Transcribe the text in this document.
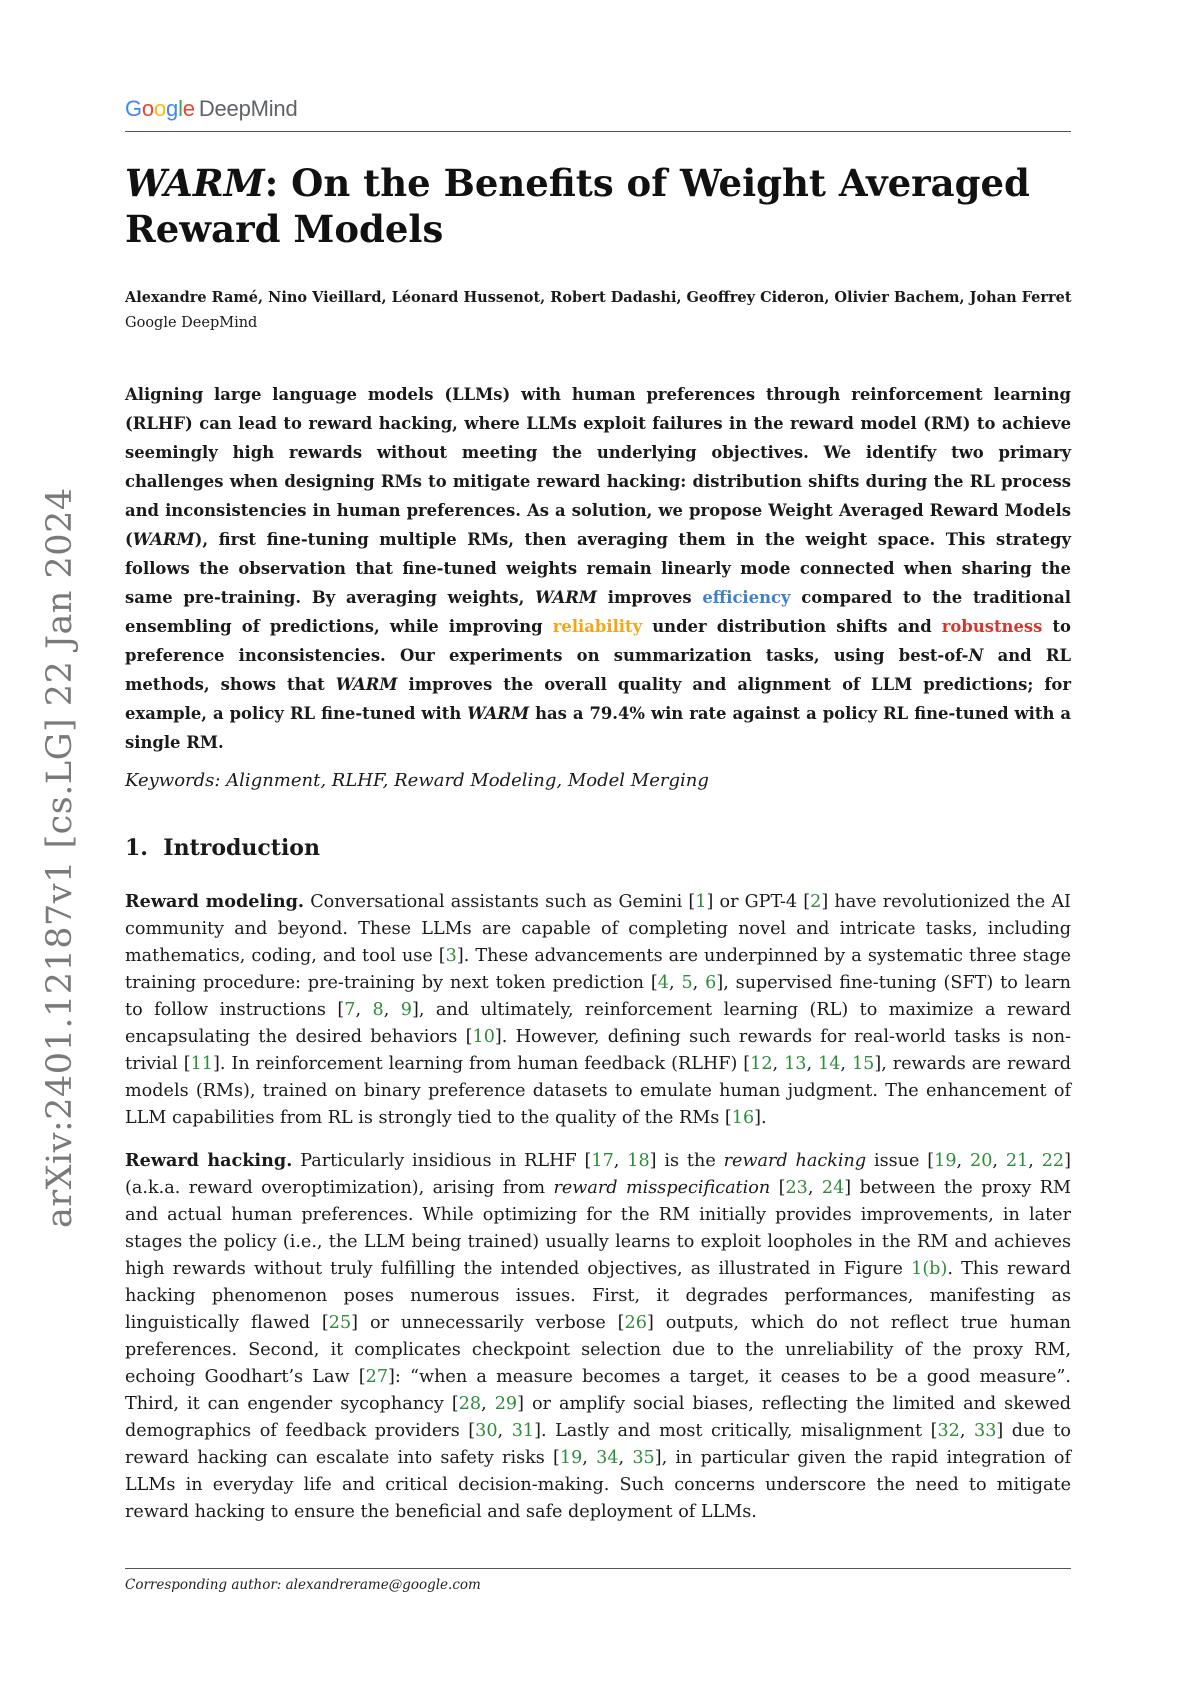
Google DeepMind
arXiv:2401.12187v1 [cs.LG] 22 Jan 2024
WARM: On the Benefits of Weight Averaged
Reward Models
Alexandre Ramé, Nino Vieillard, Léonard Hussenot, Robert Dadashi, Geoffrey Cideron, Olivier Bachem, Johan Ferret
Google DeepMind
Aligning large language models (LLMs) with human preferences through reinforcement learning (RLHF) can lead to reward hacking, where LLMs exploit failures in the reward model (RM) to achieve seemingly high rewards without meeting the underlying objectives. We identify two primary challenges when designing RMs to mitigate reward hacking: distribution shifts during the RL process and inconsistencies in human preferences. As a solution, we propose Weight Averaged Reward Models (WARM), first fine-tuning multiple RMs, then averaging them in the weight space. This strategy follows the observation that fine-tuned weights remain linearly mode connected when sharing the same pre-training. By averaging weights, WARM improves efficiency compared to the traditional ensembling of predictions, while improving reliability under distribution shifts and robustness to preference inconsistencies. Our experiments on summarization tasks, using best-of-N and RL methods, shows that WARM improves the overall quality and alignment of LLM predictions; for example, a policy RL fine-tuned with WARM has a 79.4% win rate against a policy RL fine-tuned with a single RM.
Keywords: Alignment, RLHF, Reward Modeling, Model Merging
1. Introduction
Reward modeling. Conversational assistants such as Gemini [1] or GPT-4 [2] have revolutionized the AI community and beyond. These LLMs are capable of completing novel and intricate tasks, including mathematics, coding, and tool use [3]. These advancements are underpinned by a systematic three stage training procedure: pre-training by next token prediction [4, 5, 6], supervised fine-tuning (SFT) to learn to follow instructions [7, 8, 9], and ultimately, reinforcement learning (RL) to maximize a reward encapsulating the desired behaviors [10]. However, defining such rewards for real-world tasks is non-trivial [11]. In reinforcement learning from human feedback (RLHF) [12, 13, 14, 15], rewards are reward models (RMs), trained on binary preference datasets to emulate human judgment. The enhancement of LLM capabilities from RL is strongly tied to the quality of the RMs [16].
Reward hacking. Particularly insidious in RLHF [17, 18] is the reward hacking issue [19, 20, 21, 22] (a.k.a. reward overoptimization), arising from reward misspecification [23, 24] between the proxy RM and actual human preferences. While optimizing for the RM initially provides improvements, in later stages the policy (i.e., the LLM being trained) usually learns to exploit loopholes in the RM and achieves high rewards without truly fulfilling the intended objectives, as illustrated in Figure 1(b). This reward hacking phenomenon poses numerous issues. First, it degrades performances, manifesting as linguistically flawed [25] or unnecessarily verbose [26] outputs, which do not reflect true human preferences. Second, it complicates checkpoint selection due to the unreliability of the proxy RM, echoing Goodhart’s Law [27]: “when a measure becomes a target, it ceases to be a good measure”. Third, it can engender sycophancy [28, 29] or amplify social biases, reflecting the limited and skewed demographics of feedback providers [30, 31]. Lastly and most critically, misalignment [32, 33] due to reward hacking can escalate into safety risks [19, 34, 35], in particular given the rapid integration of LLMs in everyday life and critical decision-making. Such concerns underscore the need to mitigate reward hacking to ensure the beneficial and safe deployment of LLMs.
Corresponding author: alexandrerame@google.com
